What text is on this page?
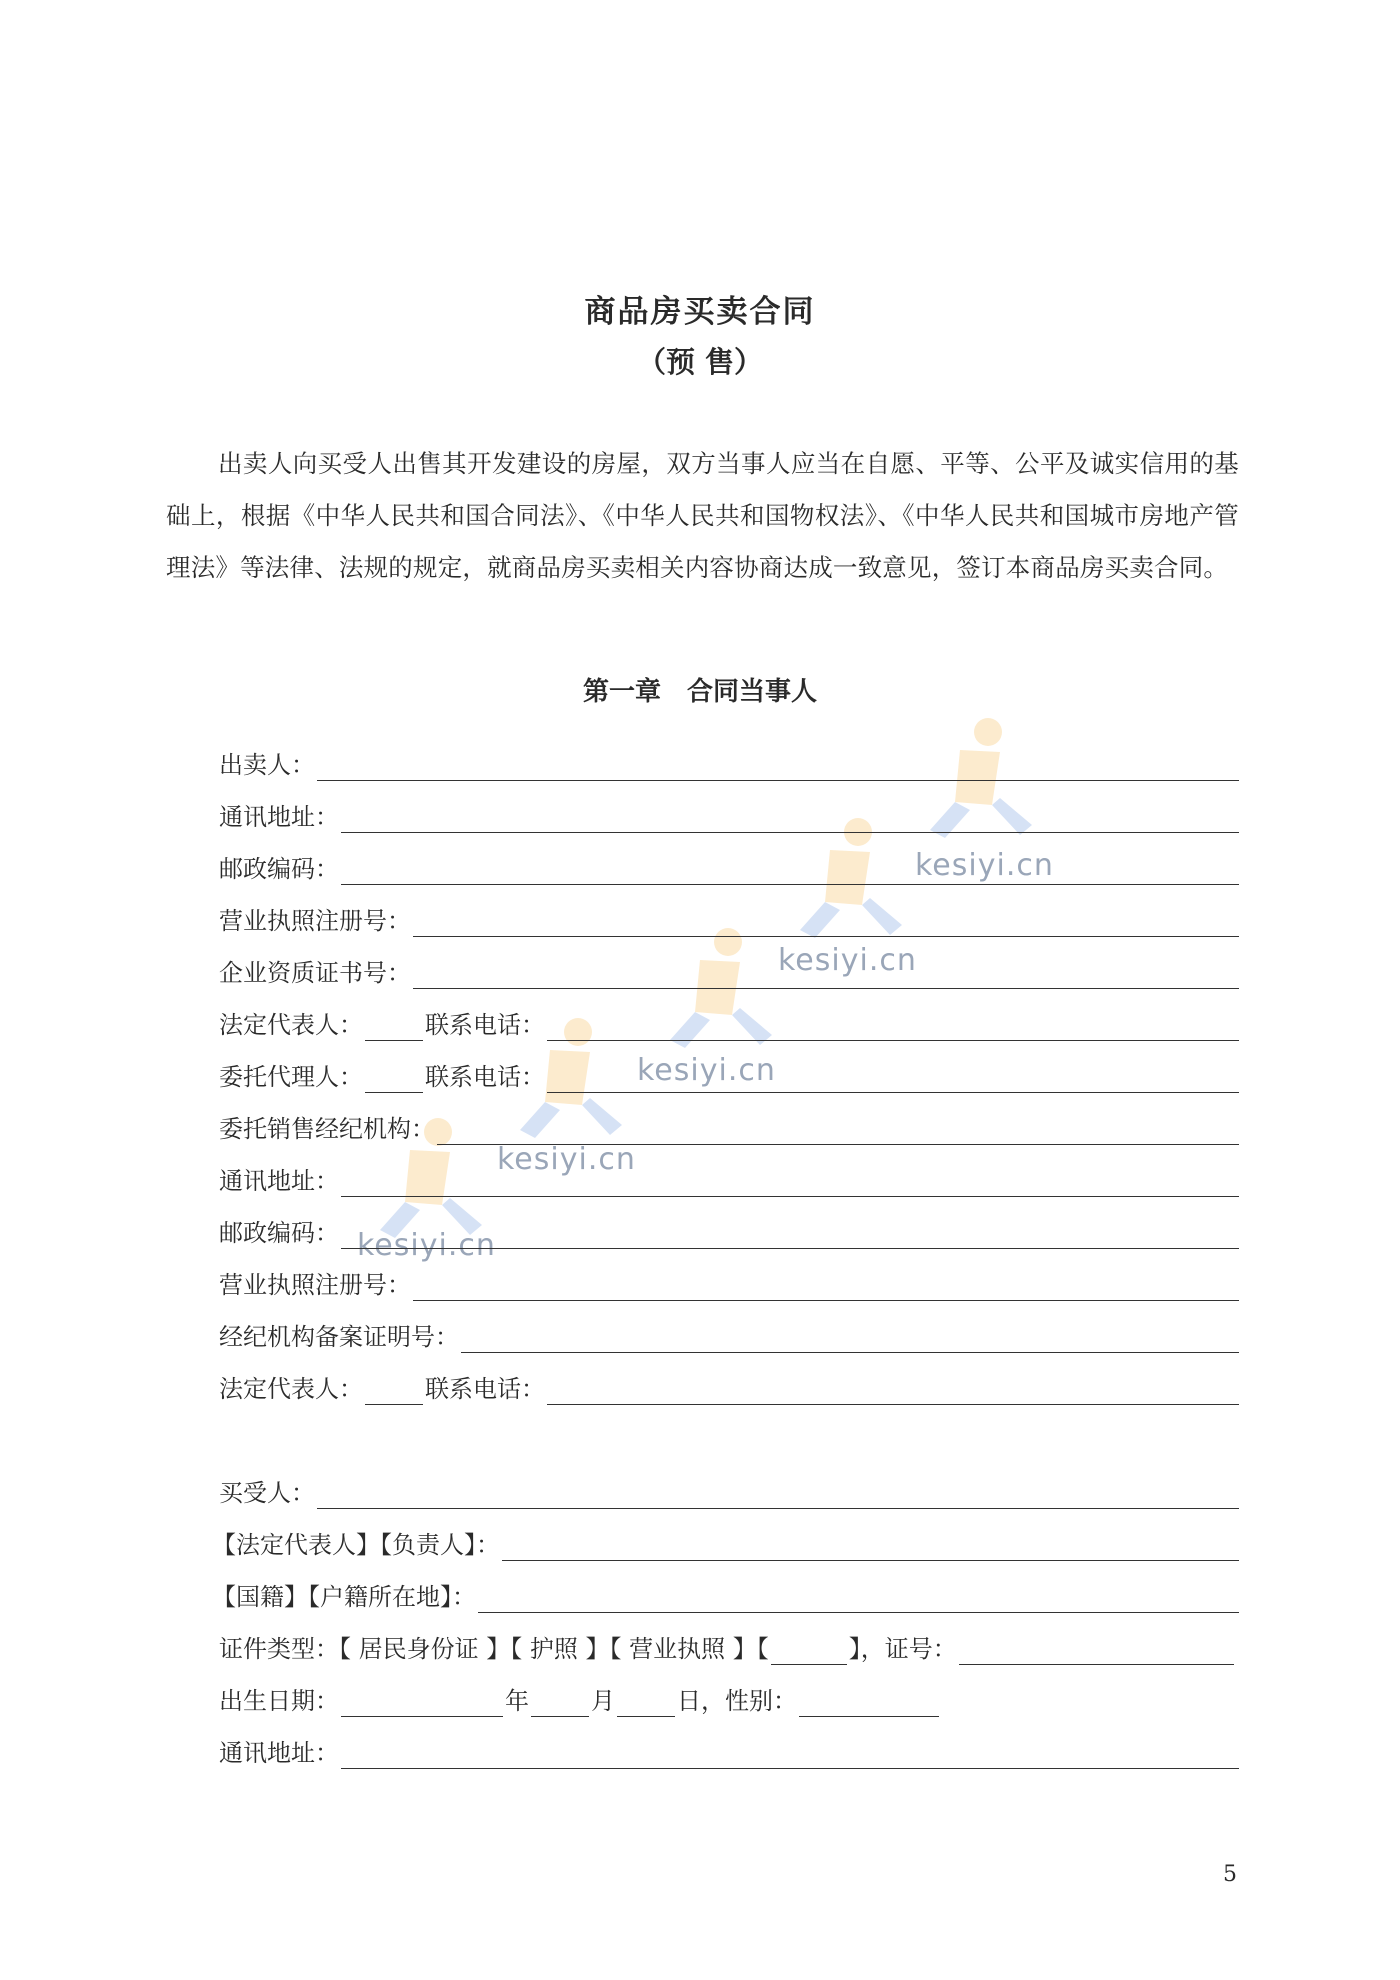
kesiyi.cn
kesiyi.cn
kesiyi.cn
kesiyi.cn
kesiyi.cn
商品房买卖合同
（预 售）

出卖人向买受人出售其开发建设的房屋，双方当事人应当在自愿、平等、公平及诚实信用的基础上，根据《中华人民共和国合同法》、《中华人民共和国物权法》、《中华人民共和国城市房地产管理法》等法律、法规的规定，就商品房买卖相关内容协商达成一致意见，签订本商品房买卖合同。

第一章　合同当事人
出卖人：
通讯地址：
邮政编码：
营业执照注册号：
企业资质证书号：
法定代表人：	联系电话：
委托代理人：	联系电话：
委托销售经纪机构：
通讯地址：
邮政编码：
营业执照注册号：
经纪机构备案证明号：
法定代表人：	联系电话：
买受人：
【法定代表人】【负责人】：
【国籍】【户籍所在地】：
证件类型：【 居民身份证 】【 护照 】【 营业执照 】【	】，证号：
出生日期：	年	月	日，性别：
通讯地址：
5
